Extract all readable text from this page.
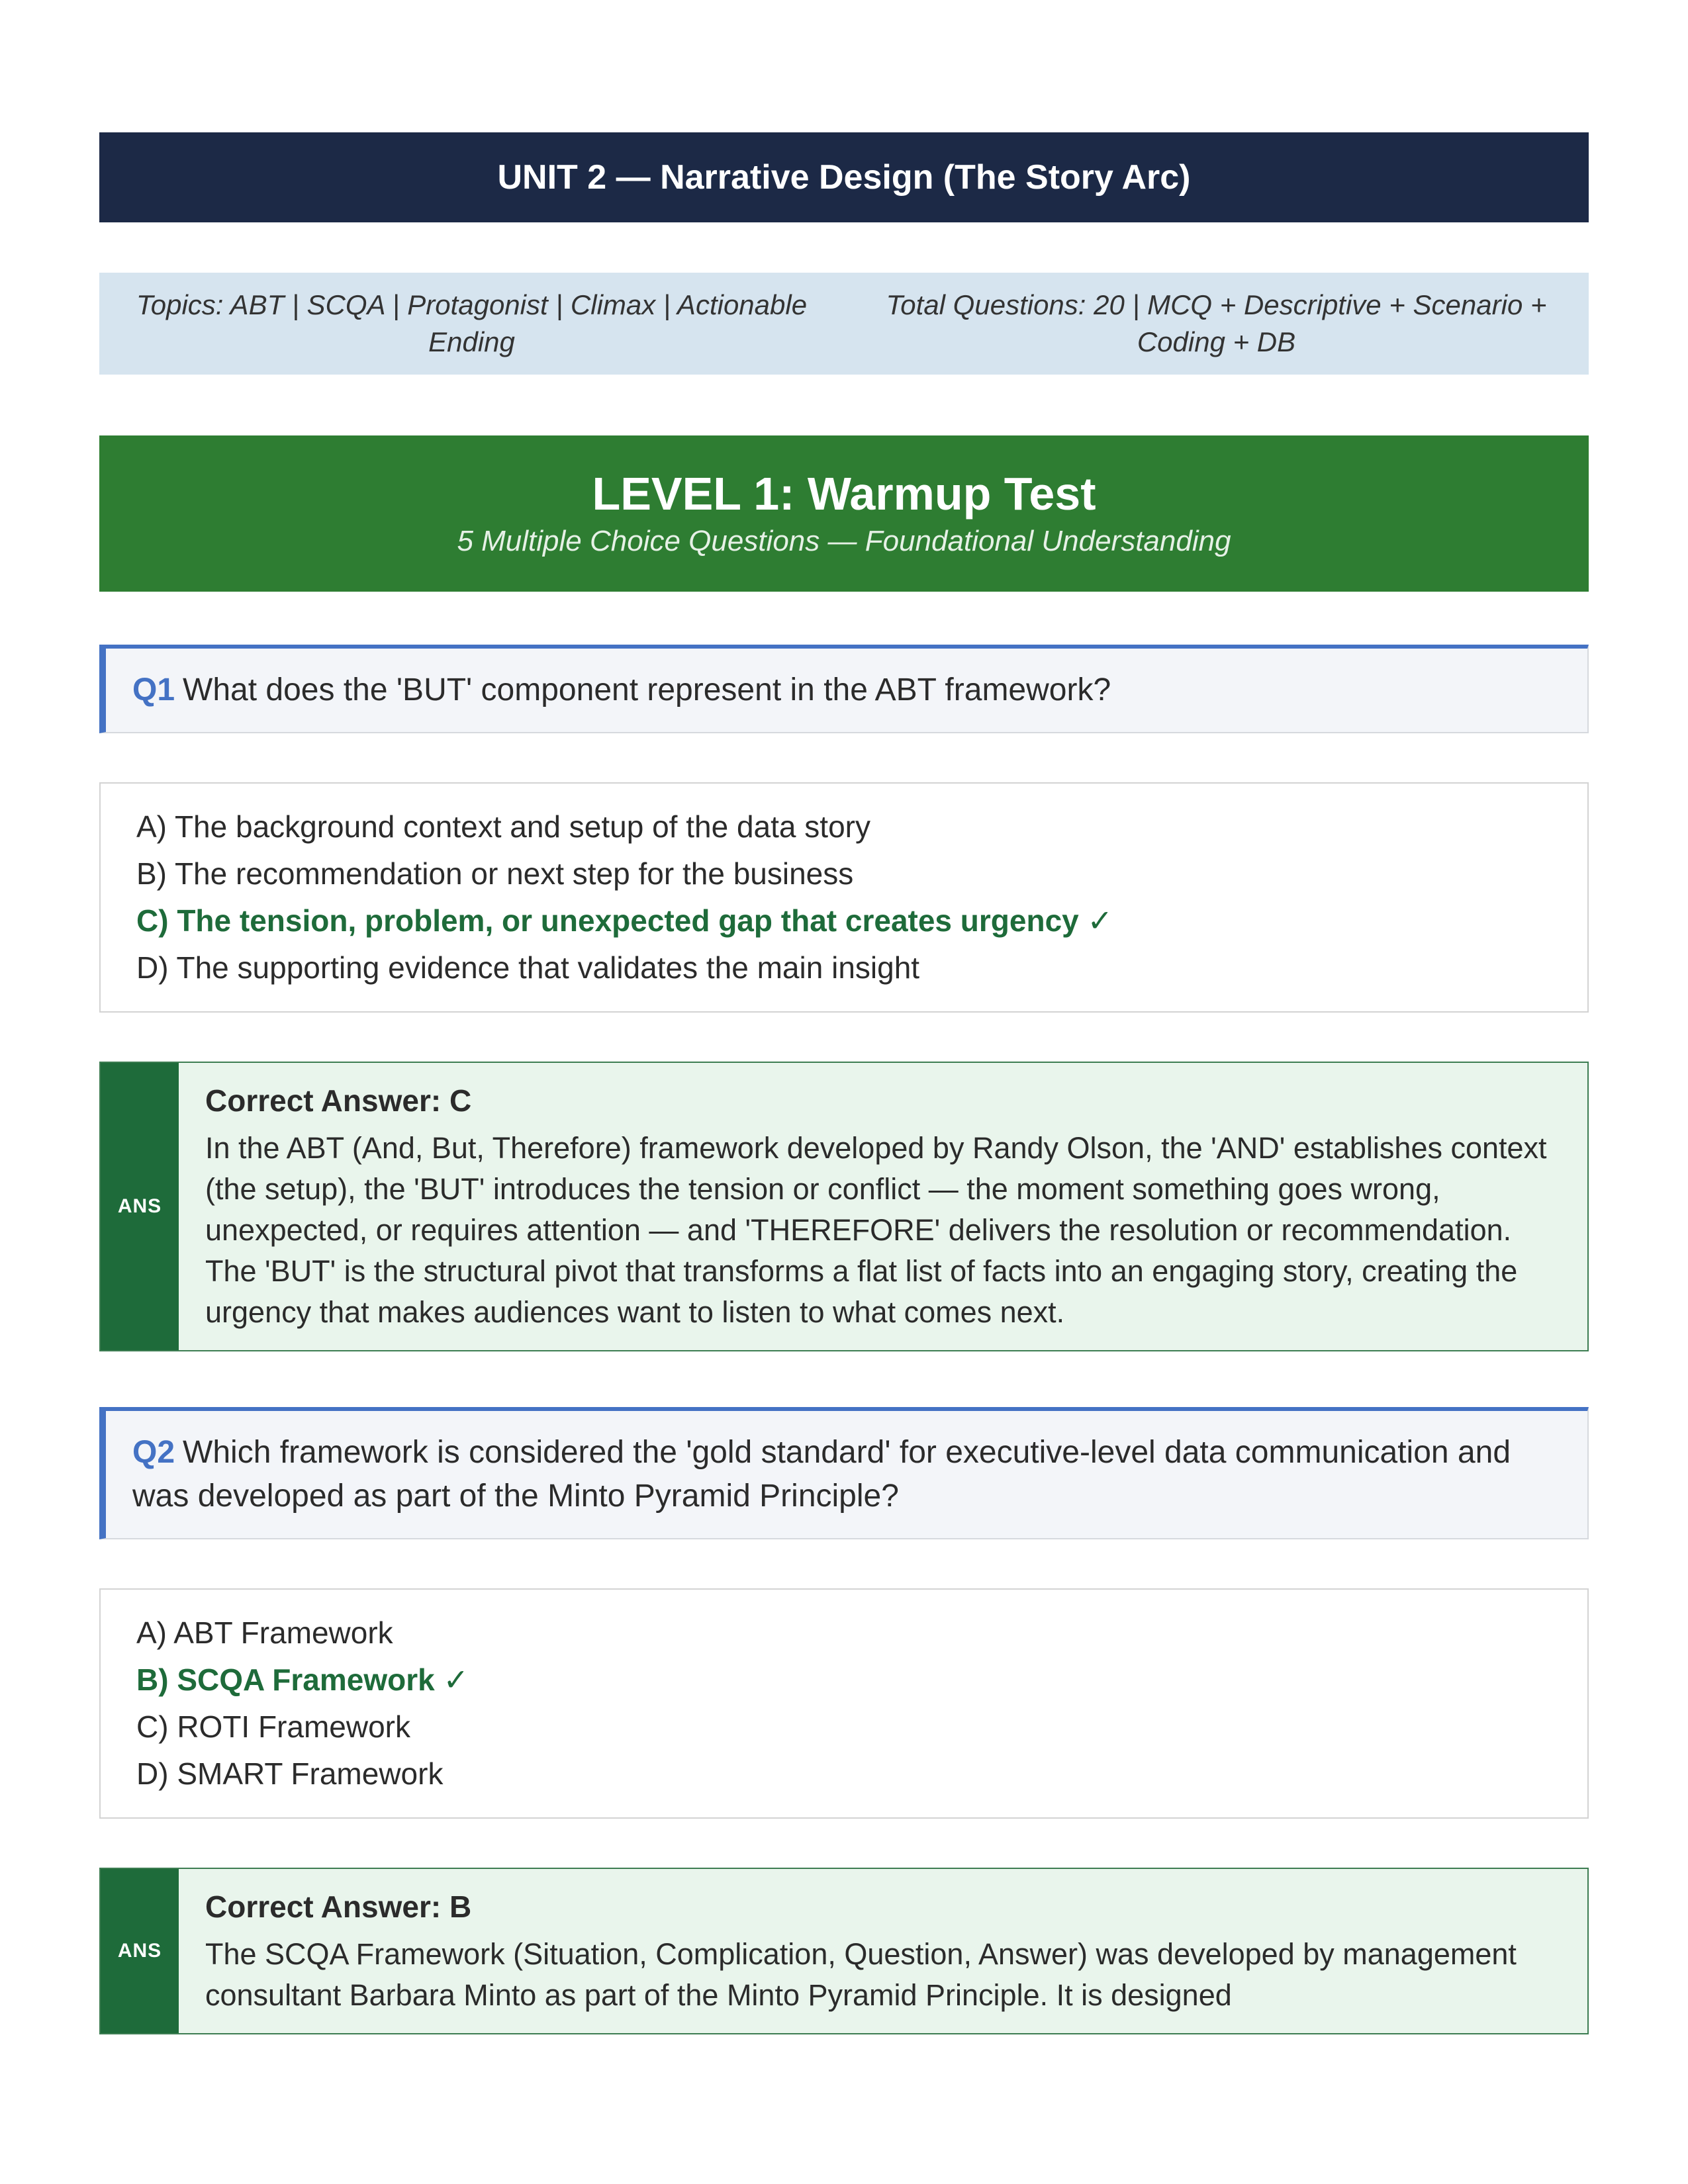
UNIT 2 — Narrative Design (The Story Arc)
Topics: ABT | SCQA | Protagonist | Climax | Actionable Ending
Total Questions: 20 | MCQ + Descriptive + Scenario + Coding + DB
LEVEL 1: Warmup Test
5 Multiple Choice Questions — Foundational Understanding
Q1 What does the 'BUT' component represent in the ABT framework?
A) The background context and setup of the data story
B) The recommendation or next step for the business
C) The tension, problem, or unexpected gap that creates urgency ✓
D) The supporting evidence that validates the main insight
ANS
Correct Answer: C
In the ABT (And, But, Therefore) framework developed by Randy Olson, the 'AND' establishes context (the setup), the 'BUT' introduces the tension or conflict — the moment something goes wrong, unexpected, or requires attention — and 'THEREFORE' delivers the resolution or recommendation. The 'BUT' is the structural pivot that transforms a flat list of facts into an engaging story, creating the urgency that makes audiences want to listen to what comes next.
Q2 Which framework is considered the 'gold standard' for executive-level data communication and was developed as part of the Minto Pyramid Principle?
A) ABT Framework
B) SCQA Framework ✓
C) ROTI Framework
D) SMART Framework
ANS
Correct Answer: B
The SCQA Framework (Situation, Complication, Question, Answer) was developed by management consultant Barbara Minto as part of the Minto Pyramid Principle. It is designed
